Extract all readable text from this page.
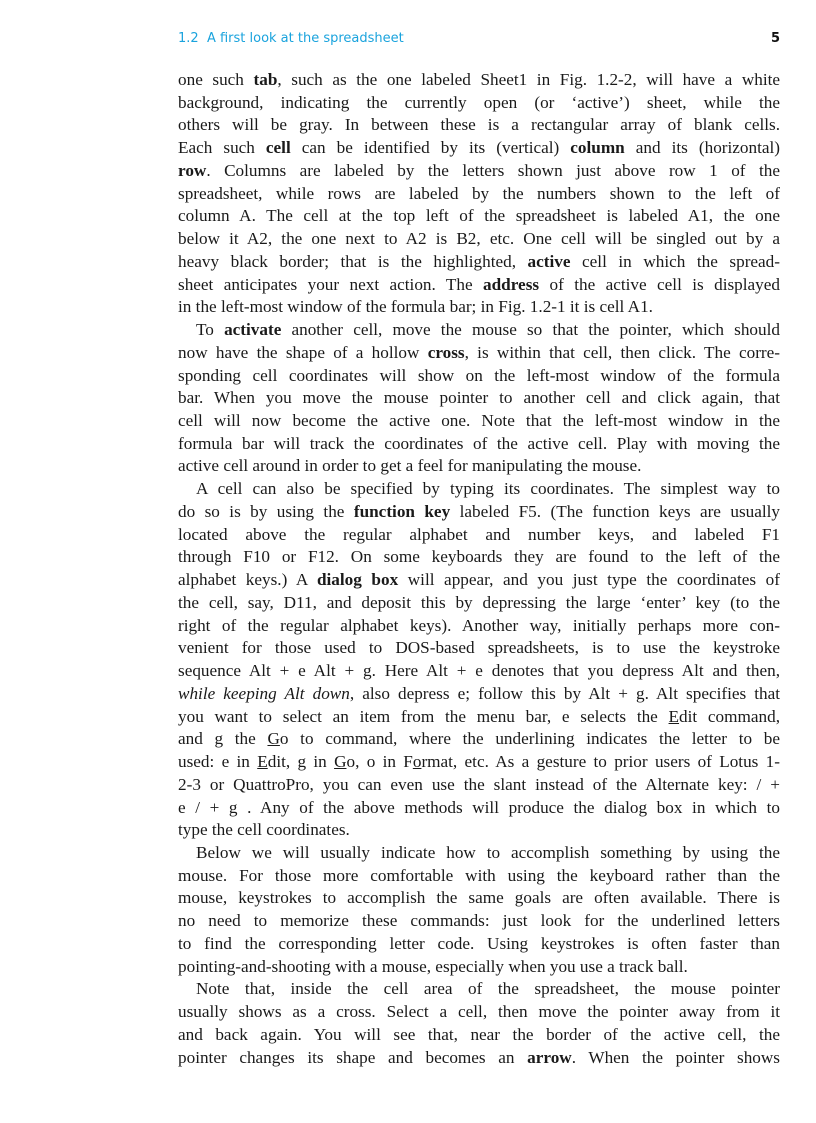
1.2  A first look at the spreadsheet	5
one such tab, such as the one labeled Sheet1 in Fig. 1.2-2, will have a white
background, indicating the currently open (or ‘active’) sheet, while the
others will be gray. In between these is a rectangular array of blank cells.
Each such cell can be identified by its (vertical) column and its (horizontal)
row. Columns are labeled by the letters shown just above row 1 of the
spreadsheet, while rows are labeled by the numbers shown to the left of
column A. The cell at the top left of the spreadsheet is labeled A1, the one
below it A2, the one next to A2 is B2, etc. One cell will be singled out by a
heavy black border; that is the highlighted, active cell in which the spread-
sheet anticipates your next action. The address of the active cell is displayed
in the left-most window of the formula bar; in Fig. 1.2-1 it is cell A1.
To activate another cell, move the mouse so that the pointer, which should
now have the shape of a hollow cross, is within that cell, then click. The corre-
sponding cell coordinates will show on the left-most window of the formula
bar. When you move the mouse pointer to another cell and click again, that
cell will now become the active one. Note that the left-most window in the
formula bar will track the coordinates of the active cell. Play with moving the
active cell around in order to get a feel for manipulating the mouse.
A cell can also be specified by typing its coordinates. The simplest way to
do so is by using the function key labeled F5. (The function keys are usually
located above the regular alphabet and number keys, and labeled F1
through F10 or F12. On some keyboards they are found to the left of the
alphabet keys.) A dialog box will appear, and you just type the coordinates of
the cell, say, D11, and deposit this by depressing the large ‘enter’ key (to the
right of the regular alphabet keys). Another way, initially perhaps more con-
venient for those used to DOS-based spreadsheets, is to use the keystroke
sequence Alt + e Alt + g. Here Alt + e denotes that you depress Alt and then,
while keeping Alt down, also depress e; follow this by Alt + g. Alt specifies that
you want to select an item from the menu bar, e selects the Edit command,
and g the Go to command, where the underlining indicates the letter to be
used: e in Edit, g in Go, o in Format, etc. As a gesture to prior users of Lotus 1-
2-3 or QuattroPro, you can even use the slant instead of the Alternate key: / +
e / + g . Any of the above methods will produce the dialog box in which to
type the cell coordinates.
Below we will usually indicate how to accomplish something by using the
mouse. For those more comfortable with using the keyboard rather than the
mouse, keystrokes to accomplish the same goals are often available. There is
no need to memorize these commands: just look for the underlined letters
to find the corresponding letter code. Using keystrokes is often faster than
pointing-and-shooting with a mouse, especially when you use a track ball.
Note that, inside the cell area of the spreadsheet, the mouse pointer
usually shows as a cross. Select a cell, then move the pointer away from it
and back again. You will see that, near the border of the active cell, the
pointer changes its shape and becomes an arrow. When the pointer shows
